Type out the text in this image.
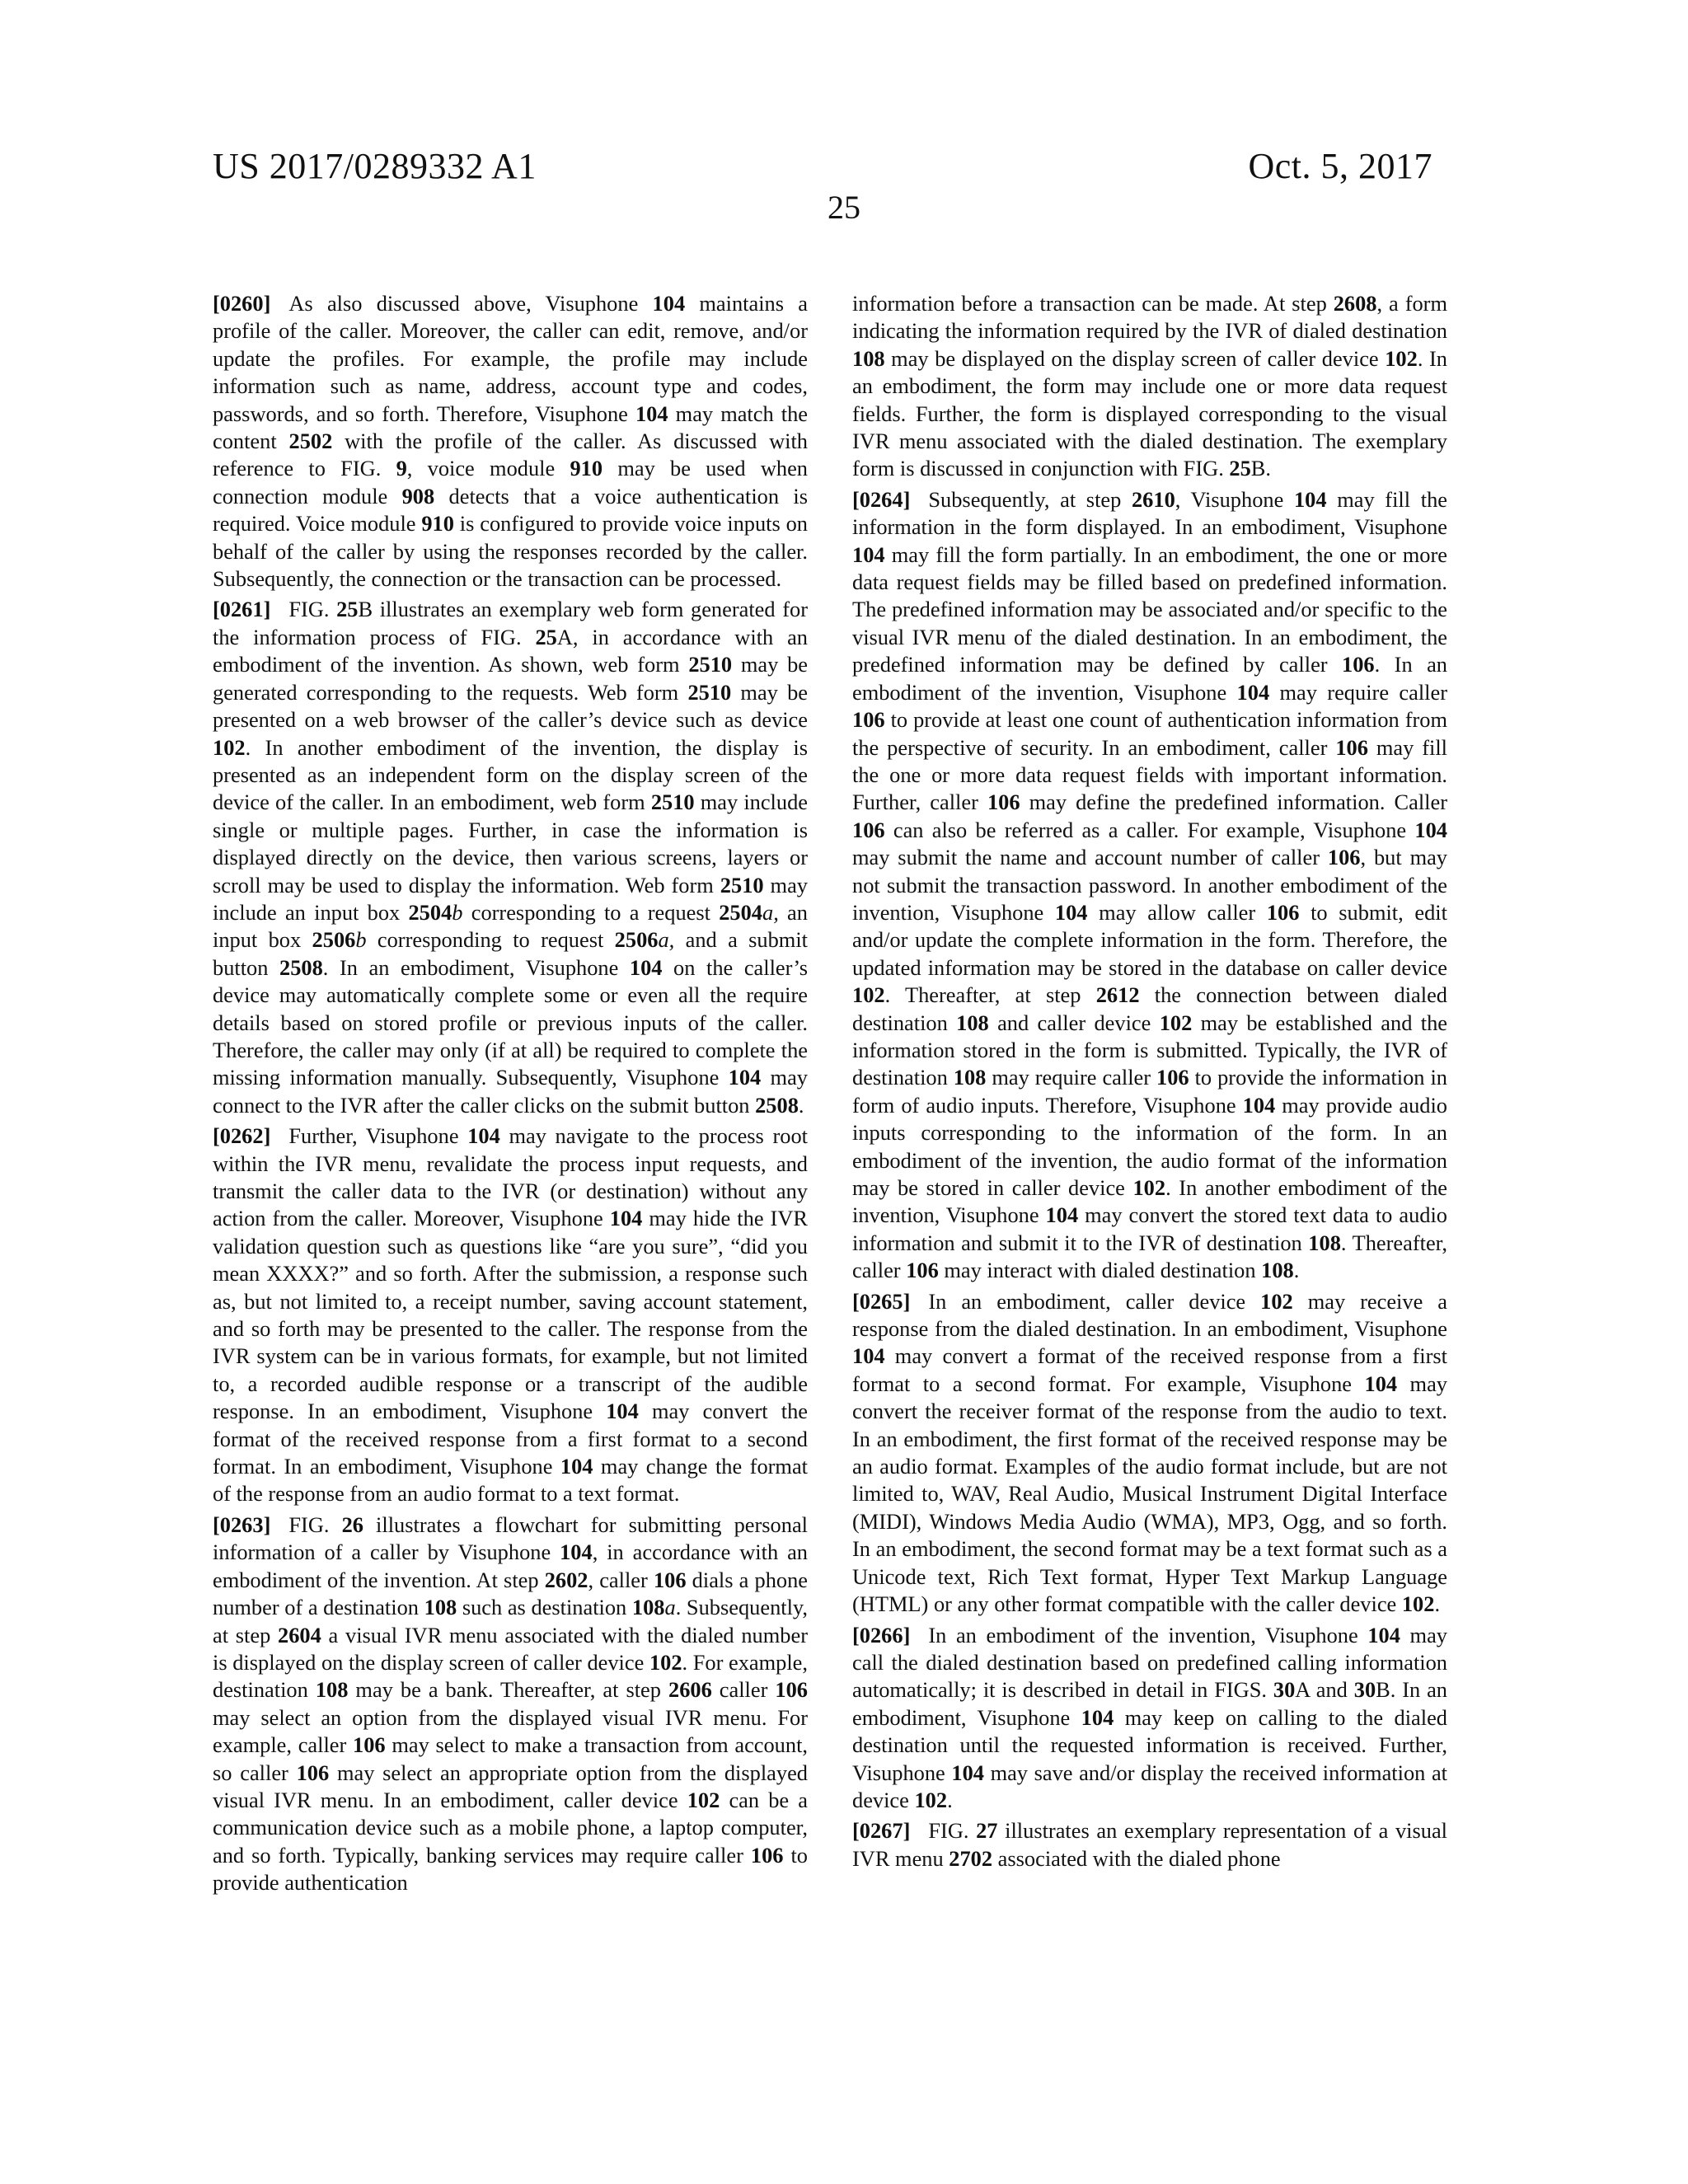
US 2017/0289332 A1	Oct. 5, 2017
25

[0260] As also discussed above, Visuphone 104 maintains a profile of the caller. Moreover, the caller can edit, remove, and/or update the profiles. For example, the profile may include information such as name, address, account type and codes, passwords, and so forth. Therefore, Visuphone 104 may match the content 2502 with the profile of the caller. As discussed with reference to FIG. 9, voice module 910 may be used when connection module 908 detects that a voice authentication is required. Voice module 910 is configured to provide voice inputs on behalf of the caller by using the responses recorded by the caller. Subsequently, the connection or the transaction can be processed.

[0261] FIG. 25B illustrates an exemplary web form generated for the information process of FIG. 25A, in accordance with an embodiment of the invention. As shown, web form 2510 may be generated corresponding to the requests. Web form 2510 may be presented on a web browser of the caller’s device such as device 102. In another embodiment of the invention, the display is presented as an independent form on the display screen of the device of the caller. In an embodiment, web form 2510 may include single or multiple pages. Further, in case the information is displayed directly on the device, then various screens, layers or scroll may be used to display the information. Web form 2510 may include an input box 2504b corresponding to a request 2504a, an input box 2506b corresponding to request 2506a, and a submit button 2508. In an embodiment, Visuphone 104 on the caller’s device may automatically complete some or even all the require details based on stored profile or previous inputs of the caller. Therefore, the caller may only (if at all) be required to complete the missing information manually. Subsequently, Visuphone 104 may connect to the IVR after the caller clicks on the submit button 2508.

[0262] Further, Visuphone 104 may navigate to the process root within the IVR menu, revalidate the process input requests, and transmit the caller data to the IVR (or destination) without any action from the caller. Moreover, Visuphone 104 may hide the IVR validation question such as questions like “are you sure”, “did you mean XXXX?” and so forth. After the submission, a response such as, but not limited to, a receipt number, saving account statement, and so forth may be presented to the caller. The response from the IVR system can be in various formats, for example, but not limited to, a recorded audible response or a transcript of the audible response. In an embodiment, Visuphone 104 may convert the format of the received response from a first format to a second format. In an embodiment, Visuphone 104 may change the format of the response from an audio format to a text format.

[0263] FIG. 26 illustrates a flowchart for submitting personal information of a caller by Visuphone 104, in accordance with an embodiment of the invention. At step 2602, caller 106 dials a phone number of a destination 108 such as destination 108a. Subsequently, at step 2604 a visual IVR menu associated with the dialed number is displayed on the display screen of caller device 102. For example, destination 108 may be a bank. Thereafter, at step 2606 caller 106 may select an option from the displayed visual IVR menu. For example, caller 106 may select to make a transaction from account, so caller 106 may select an appropriate option from the displayed visual IVR menu. In an embodiment, caller device 102 can be a communication device such as a mobile phone, a laptop computer, and so forth. Typically, banking services may require caller 106 to provide authentication

information before a transaction can be made. At step 2608, a form indicating the information required by the IVR of dialed destination 108 may be displayed on the display screen of caller device 102. In an embodiment, the form may include one or more data request fields. Further, the form is displayed corresponding to the visual IVR menu associated with the dialed destination. The exemplary form is discussed in conjunction with FIG. 25B.

[0264] Subsequently, at step 2610, Visuphone 104 may fill the information in the form displayed. In an embodiment, Visuphone 104 may fill the form partially. In an embodiment, the one or more data request fields may be filled based on predefined information. The predefined information may be associated and/or specific to the visual IVR menu of the dialed destination. In an embodiment, the predefined information may be defined by caller 106. In an embodiment of the invention, Visuphone 104 may require caller 106 to provide at least one count of authentication information from the perspective of security. In an embodiment, caller 106 may fill the one or more data request fields with important information. Further, caller 106 may define the predefined information. Caller 106 can also be referred as a caller. For example, Visuphone 104 may submit the name and account number of caller 106, but may not submit the transaction password. In another embodiment of the invention, Visuphone 104 may allow caller 106 to submit, edit and/or update the complete information in the form. Therefore, the updated information may be stored in the database on caller device 102. Thereafter, at step 2612 the connection between dialed destination 108 and caller device 102 may be established and the information stored in the form is submitted. Typically, the IVR of destination 108 may require caller 106 to provide the information in form of audio inputs. Therefore, Visuphone 104 may provide audio inputs corresponding to the information of the form. In an embodiment of the invention, the audio format of the information may be stored in caller device 102. In another embodiment of the invention, Visuphone 104 may convert the stored text data to audio information and submit it to the IVR of destination 108. Thereafter, caller 106 may interact with dialed destination 108.

[0265] In an embodiment, caller device 102 may receive a response from the dialed destination. In an embodiment, Visuphone 104 may convert a format of the received response from a first format to a second format. For example, Visuphone 104 may convert the receiver format of the response from the audio to text. In an embodiment, the first format of the received response may be an audio format. Examples of the audio format include, but are not limited to, WAV, Real Audio, Musical Instrument Digital Interface (MIDI), Windows Media Audio (WMA), MP3, Ogg, and so forth. In an embodiment, the second format may be a text format such as a Unicode text, Rich Text format, Hyper Text Markup Language (HTML) or any other format compatible with the caller device 102.

[0266] In an embodiment of the invention, Visuphone 104 may call the dialed destination based on predefined calling information automatically; it is described in detail in FIGS. 30A and 30B. In an embodiment, Visuphone 104 may keep on calling to the dialed destination until the requested information is received. Further, Visuphone 104 may save and/or display the received information at device 102.

[0267] FIG. 27 illustrates an exemplary representation of a visual IVR menu 2702 associated with the dialed phone
